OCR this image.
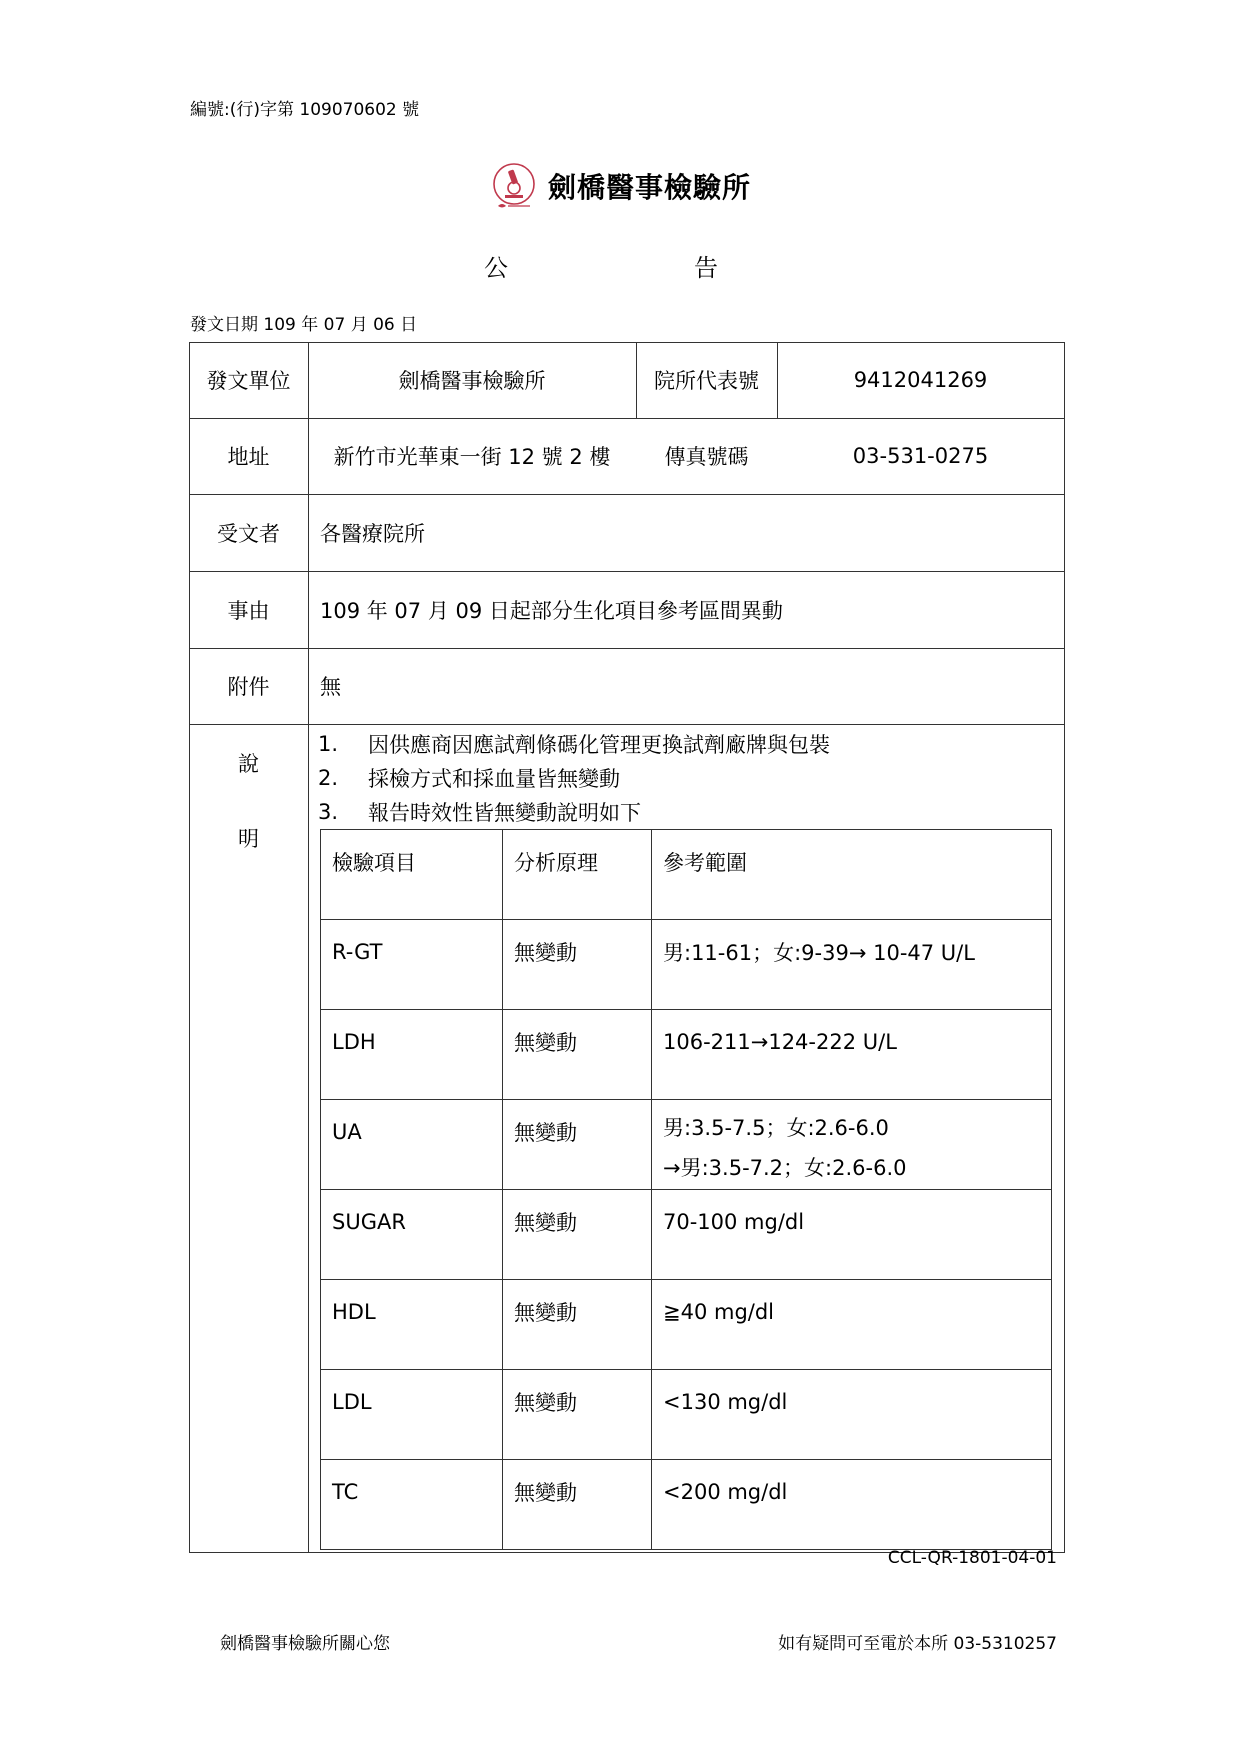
編號:(行)字第 109070602 號
劍橋醫事檢驗所
公	告
發文日期 109 年 07 月 06 日
發文單位	劍橋醫事檢驗所	院所代表號	9412041269
地址	新竹市光華東一街 12 號 2 樓	傳真號碼	03-531-0275
受文者	各醫療院所
事由	109 年 07 月 09 日起部分生化項目參考區間異動
附件	無
說
明
1.	因供應商因應試劑條碼化管理更換試劑廠牌與包裝
2.	採檢方式和採血量皆無變動
3.	報告時效性皆無變動說明如下
檢驗項目	分析原理	參考範圍
R-GT	無變動	男:11-61；女:9-39→ 10-47 U/L
LDH	無變動	106-211→124-222 U/L
UA	無變動	男:3.5-7.5；女:2.6-6.0
→男:3.5-7.2；女:2.6-6.0
SUGAR	無變動	70-100 mg/dl
HDL	無變動	≧40 mg/dl
LDL	無變動	<130 mg/dl
TC	無變動	<200 mg/dl
CCL-QR-1801-04-01
劍橋醫事檢驗所關心您	如有疑問可至電於本所 03-5310257
